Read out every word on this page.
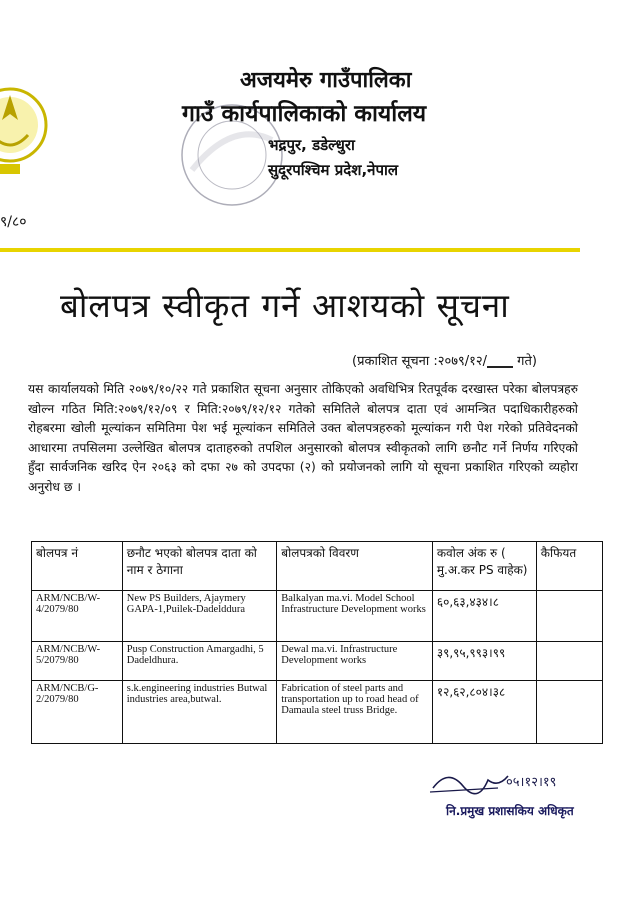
अजयमेरु गाउँपालिका
गाउँ कार्यपालिकाको कार्यालय
भद्रपुर, डडेल्धुरा
सुदूरपश्चिम प्रदेश,नेपाल
९/८०
बोलपत्र स्वीकृत गर्ने आशयको सूचना
(प्रकाशित सूचना :२०७९/१२/ गते)
यस कार्यालयको मिति २०७९/१०/२२ गते प्रकाशित सूचना अनुसार तोकिएको अवधिभित्र रितपूर्वक दरखास्त परेका बोलपत्रहरु खोल्न गठित मिति:२०७९/१२/०९ र मिति:२०७९/१२/१२ गतेको समितिले बोलपत्र दाता एवं आमन्त्रित पदाधिकारीहरुको रोहबरमा खोली मूल्यांकन समितिमा पेश भई मूल्यांकन समितिले उक्त बोलपत्रहरुको मूल्यांकन गरी पेश गरेको प्रतिवेदनको आधारमा तपसिलमा उल्लेखित बोलपत्र दाताहरुको तपशिल अनुसारको बोलपत्र स्वीकृतको लागि छनौट गर्ने निर्णय गरिएको हुँदा सार्वजनिक खरिद ऐन २०६३ को दफा २७ को उपदफा (२) को प्रयोजनको लागि यो सूचना प्रकाशित गरिएको व्यहोरा अनुरोध छ ।
बोलपत्र नं	छनौट भएको बोलपत्र दाता को नाम र ठेगाना	बोलपत्रको विवरण	कवोल अंक रु ( मु.अ.कर PS वाहेक)	कैफियत
ARM/NCB/W-4/2079/80	New PS Builders, Ajaymery GAPA-1,Puilek-Dadelddura	Balkalyan ma.vi. Model School Infrastructure Development works	६०,६३,४३४।८	
ARM/NCB/W-5/2079/80	Pusp Construction Amargadhi, 5 Dadeldhura.	Dewal ma.vi. Infrastructure Development works	३९,९५,९९३।९९	
ARM/NCB/G-2/2079/80	s.k.engineering industries Butwal industries area,butwal.	Fabrication of steel parts and transportation up to road head of Damaula steel truss Bridge.	१२,६२,८०४।३८	
०५।१२।१९
नि.प्रमुख प्रशासकिय अधिकृत
